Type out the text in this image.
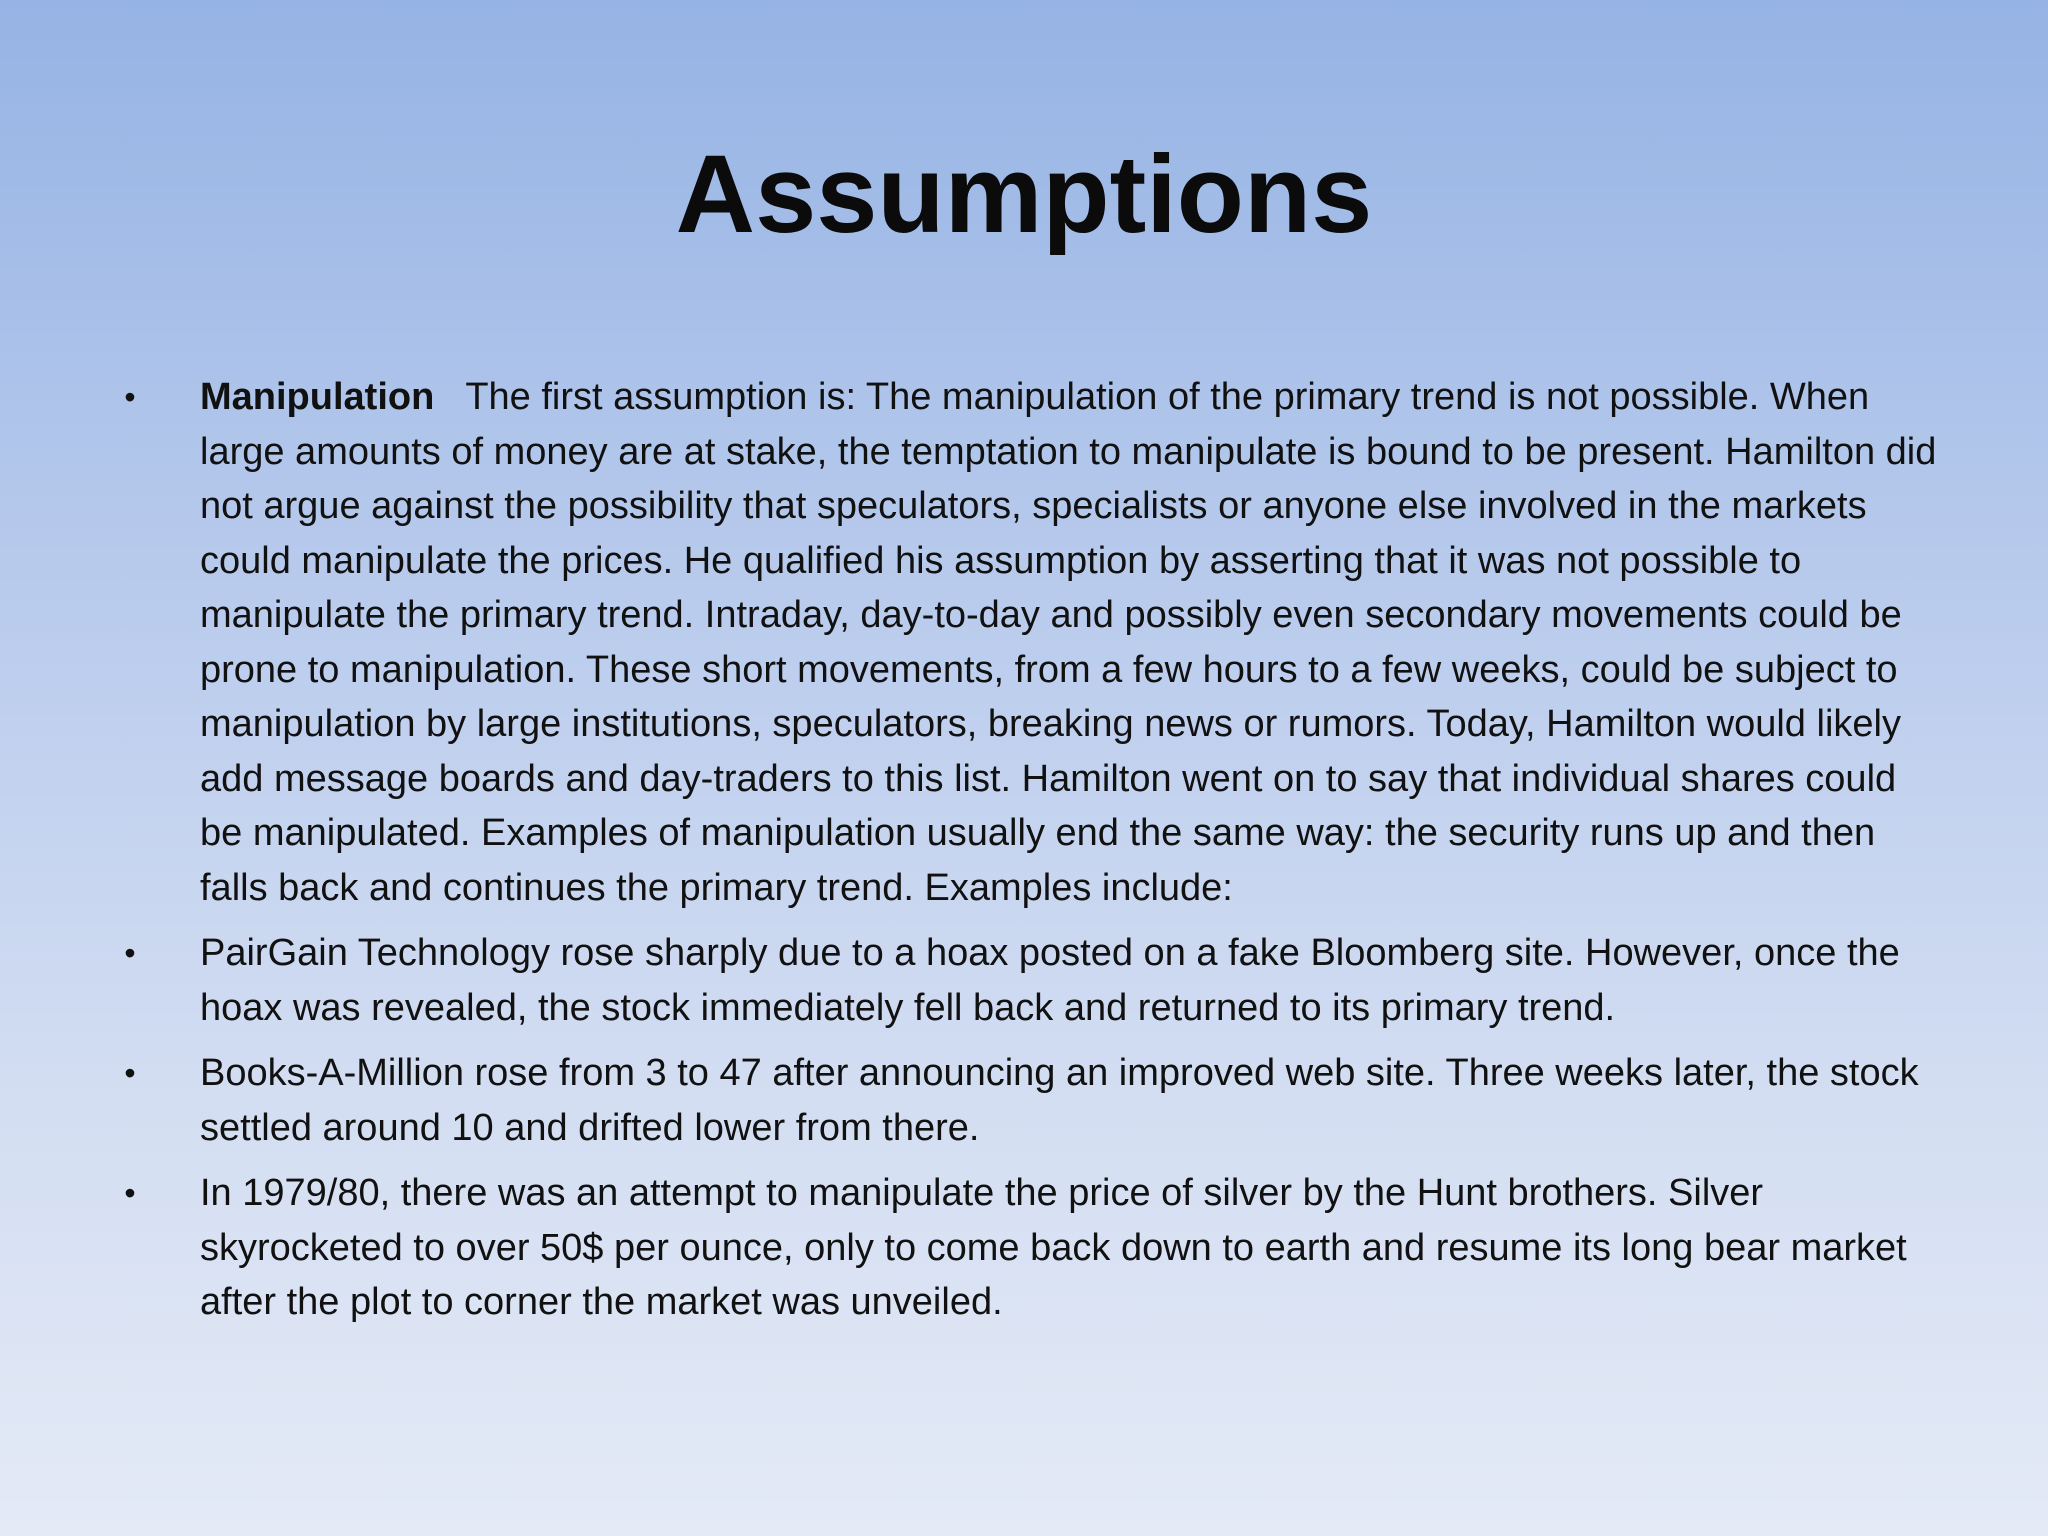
Assumptions
• Manipulation The first assumption is: The manipulation of the primary trend is not possible. When large amounts of money are at stake, the temptation to manipulate is bound to be present. Hamilton did not argue against the possibility that speculators, specialists or anyone else involved in the markets could manipulate the prices. He qualified his assumption by asserting that it was not possible to manipulate the primary trend. Intraday, day-to-day and possibly even secondary movements could be prone to manipulation. These short movements, from a few hours to a few weeks, could be subject to manipulation by large institutions, speculators, breaking news or rumors. Today, Hamilton would likely add message boards and day-traders to this list. Hamilton went on to say that individual shares could be manipulated. Examples of manipulation usually end the same way: the security runs up and then falls back and continues the primary trend. Examples include:
• PairGain Technology rose sharply due to a hoax posted on a fake Bloomberg site. However, once the hoax was revealed, the stock immediately fell back and returned to its primary trend.
• Books-A-Million rose from 3 to 47 after announcing an improved web site. Three weeks later, the stock settled around 10 and drifted lower from there.
• In 1979/80, there was an attempt to manipulate the price of silver by the Hunt brothers. Silver skyrocketed to over 50$ per ounce, only to come back down to earth and resume its long bear market after the plot to corner the market was unveiled.
